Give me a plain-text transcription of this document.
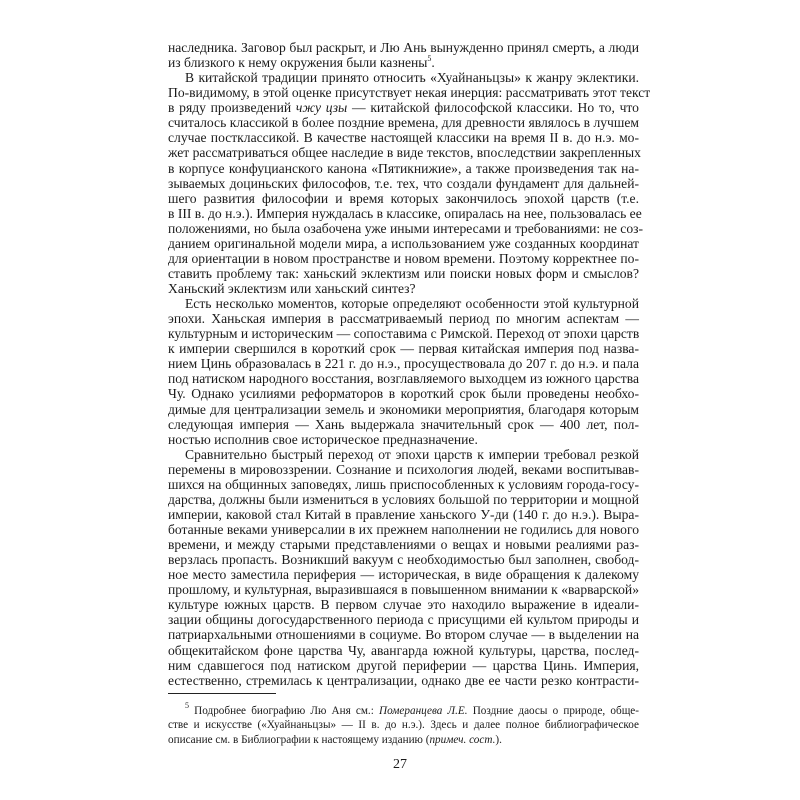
наследника. Заговор был раскрыт, и Лю Ань вынужденно принял смерть, а люди
из близкого к нему окружения были казнены$^5$.
В китайской традиции принято относить «Хуайнаньцзы» к жанру эклектики.
По-видимому, в этой оценке присутствует некая инерция: рассматривать этот текст
в ряду произведений чжу цзы — китайской философской классики. Но то, что
считалось классикой в более поздние времена, для древности являлось в лучшем
случае постклассикой. В качестве настоящей классики на время II в. до н.э. мо-
жет рассматриваться общее наследие в виде текстов, впоследствии закрепленных
в корпусе конфуцианского канона «Пятикнижие», а также произведения так на-
зываемых доциньских философов, т.е. тех, что создали фундамент для дальней-
шего развития философии и время которых закончилось эпохой царств (т.е.
в III в. до н.э.). Империя нуждалась в классике, опиралась на нее, пользовалась ее
положениями, но была озабочена уже иными интересами и требованиями: не соз-
данием оригинальной модели мира, а использованием уже созданных координат
для ориентации в новом пространстве и новом времени. Поэтому корректнее по-
ставить проблему так: ханьский эклектизм или поиски новых форм и смыслов?
Ханьский эклектизм или ханьский синтез?
Есть несколько моментов, которые определяют особенности этой культурной
эпохи. Ханьская империя в рассматриваемый период по многим аспектам —
культурным и историческим — сопоставима с Римской. Переход от эпохи царств
к империи свершился в короткий срок — первая китайская империя под назва-
нием Цинь образовалась в 221 г. до н.э., просуществовала до 207 г. до н.э. и пала
под натиском народного восстания, возглавляемого выходцем из южного царства
Чу. Однако усилиями реформаторов в короткий срок были проведены необхо-
димые для централизации земель и экономики мероприятия, благодаря которым
следующая империя — Хань выдержала значительный срок — 400 лет, пол-
ностью исполнив свое историческое предназначение.
Сравнительно быстрый переход от эпохи царств к империи требовал резкой
перемены в мировоззрении. Сознание и психология людей, веками воспитывав-
шихся на общинных заповедях, лишь приспособленных к условиям города-госу-
дарства, должны были измениться в условиях большой по территории и мощной
империи, каковой стал Китай в правление ханьского У-ди (140 г. до н.э.). Выра-
ботанные веками универсалии в их прежнем наполнении не годились для нового
времени, и между старыми представлениями о вещах и новыми реалиями раз-
верзлась пропасть. Возникший вакуум с необходимостью был заполнен, свобод-
ное место заместила периферия — историческая, в виде обращения к далекому
прошлому, и культурная, выразившаяся в повышенном внимании к «варварской»
культуре южных царств. В первом случае это находило выражение в идеали-
зации общины догосударственного периода с присущими ей культом природы и
патриархальными отношениями в социуме. Во втором случае — в выделении на
общекитайском фоне царства Чу, авангарда южной культуры, царства, послед-
ним сдавшегося под натиском другой периферии — царства Цинь. Империя,
естественно, стремилась к централизации, однако две ее части резко контрасти-
$^5$ Подробнее биографию Лю Аня см.: Померанцева Л.Е. Поздние даосы о природе, обще-
стве и искусстве («Хуайнаньцзы» — II в. до н.э.). Здесь и далее полное библиографическое
описание см. в Библиографии к настоящему изданию (примеч. сост.).
27
